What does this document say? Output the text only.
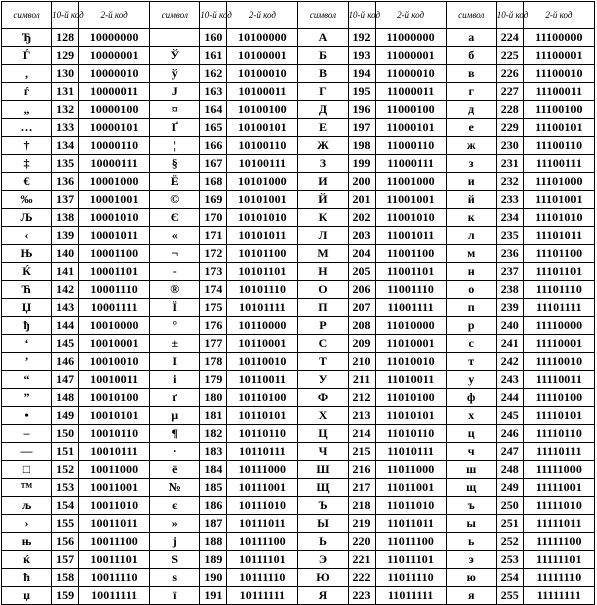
символ	10-й код	2-й код	символ	10-й код	2-й код	символ	10-й код	2-й код	символ	10-й код	2-й код
Ђ	128	10000000		160	10100000	А	192	11000000	а	224	11100000
Ѓ	129	10000001	Ў	161	10100001	Б	193	11000001	б	225	11100001
‚	130	10000010	ў	162	10100010	В	194	11000010	в	226	11100010
ѓ	131	10000011	Ј	163	10100011	Г	195	11000011	г	227	11100011
„	132	10000100	¤	164	10100100	Д	196	11000100	д	228	11100100
…	133	10000101	Ґ	165	10100101	Е	197	11000101	е	229	11100101
†	134	10000110	¦	166	10100110	Ж	198	11000110	ж	230	11100110
‡	135	10000111	§	167	10100111	З	199	11000111	з	231	11100111
€	136	10001000	Ё	168	10101000	И	200	11001000	и	232	11101000
‰	137	10001001	©	169	10101001	Й	201	11001001	й	233	11101001
Љ	138	10001010	Є	170	10101010	К	202	11001010	к	234	11101010
‹	139	10001011	«	171	10101011	Л	203	11001011	л	235	11101011
Њ	140	10001100	¬	172	10101100	М	204	11001100	м	236	11101100
Ќ	141	10001101	-	173	10101101	Н	205	11001101	н	237	11101101
Ћ	142	10001110	®	174	10101110	О	206	11001110	о	238	11101110
Џ	143	10001111	Ї	175	10101111	П	207	11001111	п	239	11101111
ђ	144	10010000	°	176	10110000	Р	208	11010000	р	240	11110000
‘	145	10010001	±	177	10110001	С	209	11010001	с	241	11110001
’	146	10010010	І	178	10110010	Т	210	11010010	т	242	11110010
“	147	10010011	і	179	10110011	У	211	11010011	у	243	11110011
”	148	10010100	ґ	180	10110100	Ф	212	11010100	ф	244	11110100
•	149	10010101	µ	181	10110101	Х	213	11010101	х	245	11110101
–	150	10010110	¶	182	10110110	Ц	214	11010110	ц	246	11110110
—	151	10010111	·	183	10110111	Ч	215	11010111	ч	247	11110111
□	152	10011000	ё	184	10111000	Ш	216	11011000	ш	248	11111000
™	153	10011001	№	185	10111001	Щ	217	11011001	щ	249	11111001
љ	154	10011010	є	186	10111010	Ъ	218	11011010	ъ	250	11111010
›	155	10011011	»	187	10111011	Ы	219	11011011	ы	251	11111011
њ	156	10011100	ј	188	10111100	Ь	220	11011100	ь	252	11111100
ќ	157	10011101	Ѕ	189	10111101	Э	221	11011101	э	253	11111101
ћ	158	10011110	ѕ	190	10111110	Ю	222	11011110	ю	254	11111110
џ	159	10011111	ї	191	10111111	Я	223	11011111	я	255	11111111
